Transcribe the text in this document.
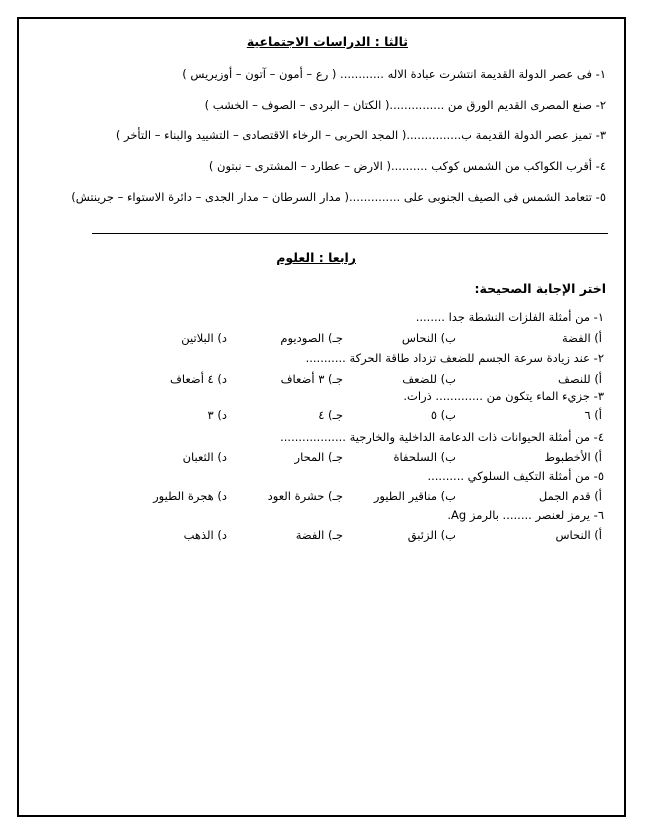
ثالثا : الدراسات الاجتماعية
١- فى عصر الدولة القديمة انتشرت عبادة الاله ............ ( رع – أمون – آتون – أوزيريس )
٢- صنع المصرى القديم الورق من ...............( الكتان – البردى – الصوف – الخشب )
٣- تميز عصر الدولة القديمة ب...............( المجد الحربى – الرخاء الاقتصادى – التشييد والبناء – التأخر )
٤- أقرب الكواكب من الشمس كوكب ..........( الارض – عطارد – المشترى – نبتون )
٥- تتعامد الشمس فى الصيف الجنوبى على ..............( مدار السرطان – مدار الجدى – دائرة الاستواء – جرينتش)
رابعا : العلوم
اختر الإجابة الصحيحة:
١- من أمثلة الفلزات النشطة جدا ........
أ) الفضة
ب) النحاس
جـ) الصوديوم
د) البلاتين
٢- عند زيادة سرعة الجسم للضعف تزداد طاقة الحركة ...........
أ) للنصف
ب) للضعف
جـ) ٣ أضعاف
د) ٤ أضعاف
٣- جزيء الماء يتكون من ............. ذرات.
أ) ٦
ب) ٥
جـ) ٤
د) ٣
٤- من أمثلة الحيوانات ذات الدعامة الداخلية والخارجية ..................
أ) الأخطبوط
ب) السلحفاة
جـ) المحار
د) الثعبان
٥- من أمثلة التكيف السلوكي ..........
أ) قدم الجمل
ب) مناقير الطيور
جـ) حشرة العود
د) هجرة الطيور
٦- يرمز لعنصر ........ بالرمز Ag.
أ) النحاس
ب) الزئبق
جـ) الفضة
د) الذهب
